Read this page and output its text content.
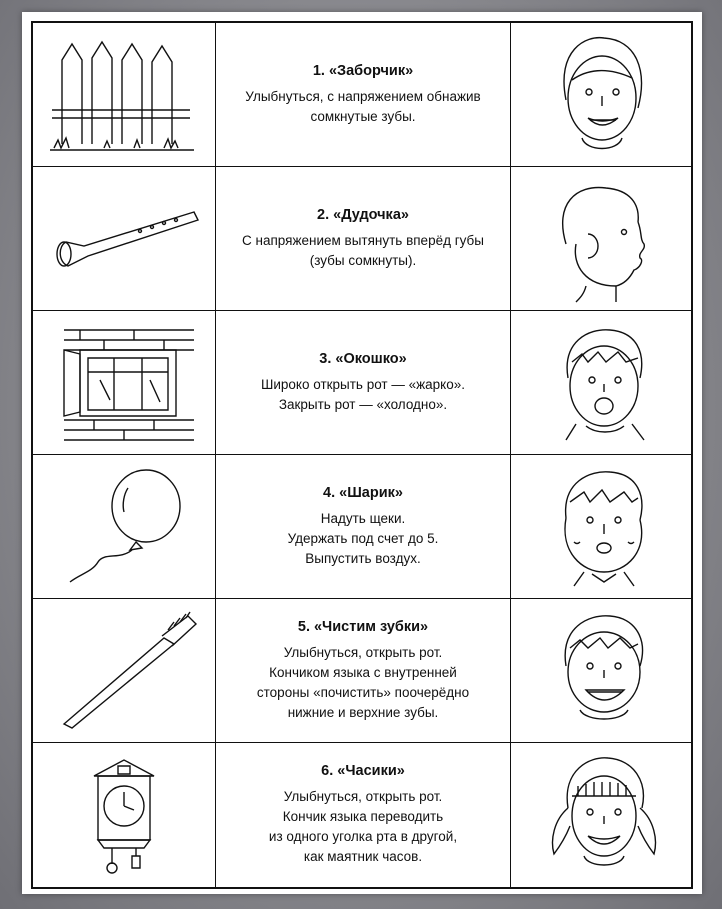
1. «Заборчик»
Улыбнуться, с напряжением обнажив
сомкнутые зубы.
2. «Дудочка»
С напряжением вытянуть вперёд губы
(зубы сомкнуты).
3. «Окошко»
Широко открыть рот — «жарко».
Закрыть рот — «холодно».
4. «Шарик»
Надуть щеки.
Удержать под счет до 5.
Выпустить воздух.
5. «Чистим зубки»
Улыбнуться, открыть рот.
Кончиком языка с внутренней
стороны «почистить» поочерёдно
нижние и верхние зубы.
6. «Часики»
Улыбнуться, открыть рот.
Кончик языка переводить
из одного уголка рта в другой,
как маятник часов.
